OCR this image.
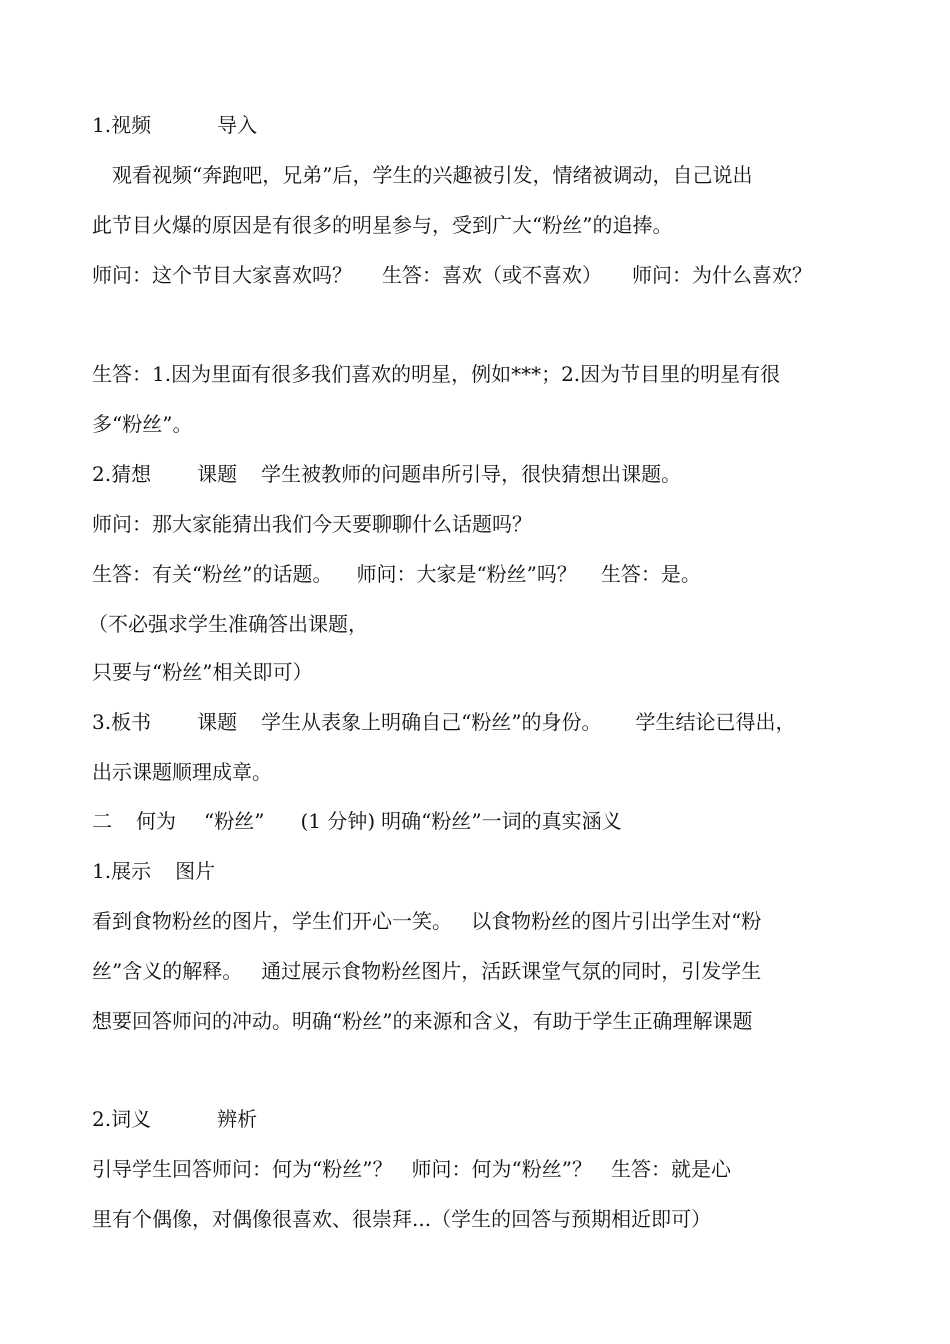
1.视频	导入
观看视频“奔跑吧，兄弟”后，学生的兴趣被引发，情绪被调动，自己说出
此节目火爆的原因是有很多的明星参与，受到广大“粉丝”的追捧。
师问：这个节目大家喜欢吗？ 生答：喜欢（或不喜欢） 师问：为什么喜欢？
生答：1.因为里面有很多我们喜欢的明星，例如***；2.因为节目里的明星有很
多“粉丝”。
2.猜想 课题 学生被教师的问题串所引导，很快猜想出课题。
师问：那大家能猜出我们今天要聊聊什么话题吗？
生答：有关“粉丝”的话题。 师问：大家是“粉丝”吗？ 生答：是。
（不必强求学生准确答出课题，
只要与“粉丝”相关即可）
3.板书 课题 学生从表象上明确自己“粉丝”的身份。 学生结论已得出，
出示课题顺理成章。
二 何为 “粉丝” (1 分钟) 明确“粉丝”一词的真实涵义
1.展示 图片
看到食物粉丝的图片，学生们开心一笑。   以食物粉丝的图片引出学生对“粉
丝”含义的解释。   通过展示食物粉丝图片，活跃课堂气氛的同时，引发学生
想要回答师问的冲动。明确“粉丝”的来源和含义，有助于学生正确理解课题
2.词义	辨析
引导学生回答师问：何为“粉丝”？   师问：何为“粉丝”？   生答：就是心
里有个偶像，对偶像很喜欢、很崇拜...（学生的回答与预期相近即可）
